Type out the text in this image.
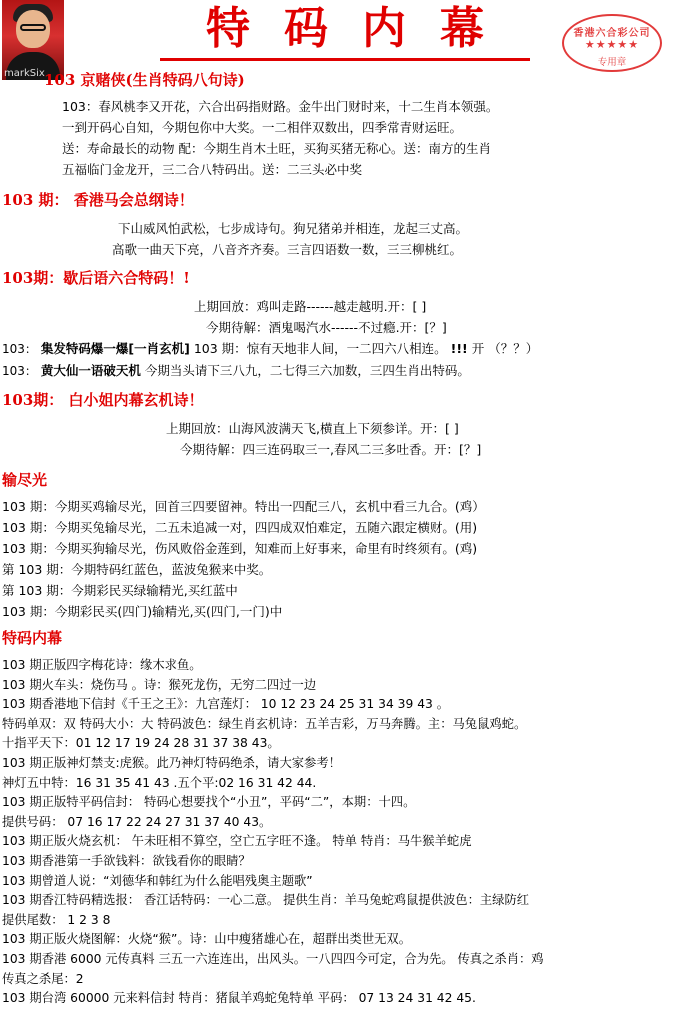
markSix
特码内幕	香港六合彩公司
★★★★★
专用章
103 京赌侠(生肖特码八句诗)
103：春风桃李又开花，六合出码指财路。金牛出门财时来，十二生肖本领强。
一到开码心自知，今期包你中大奖。一二相伴双数出，四季常青财运旺。
送：寿命最长的动物 配：今期生肖木土旺，买狗买猪无称心。送：南方的生肖
五福临门金龙开，三二合八特码出。送：二三头必中奖
103 期： 香港马会总纲诗！
下山威风怕武松，七步成诗句。狗兄猪弟并相连，龙起三丈高。
高歌一曲天下亮，八音齐齐奏。三言四语数一数，三三柳桃红。
103期：歇后语六合特码！!
上期回放：鸡叫走路------越走越明.开：[ ]
今期待解：酒鬼喝汽水------不过瘾.开：[？]
103： 集发特码爆一爆[一肖玄机] 103 期：惊有天地非人间，一二四六八相连。 !!! 开 （？？）
103： 黄大仙一语破天机 今期当头请下三八九，二七得三六加数，三四生肖出特码。
103期： 白小姐内幕玄机诗！
上期回放：山海风波满天飞,横直上下须参详。开：[ ]
今期待解：四三连码取三一,春风二三多吐香。开：[？]
输尽光
103 期：今期买鸡输尽光，回首三四要留神。特出一四配三八，玄机中看三九合。(鸡）
103 期：今期买兔输尽光，二五未追减一对，四四成双怕难定，五随六跟定横财。(用)
103 期：今期买狗输尽光，伤风败俗金莲到，知难而上好事来，命里有时终须有。(鸡)
第 103 期：今期特码红蓝色，蓝波兔猴来中奖。
第 103 期：今期彩民买绿输精光,买红蓝中
103 期：今期彩民买(四门)输精光,买(四门,一门)中
特码内幕
103 期正版四字梅花诗：缘木求鱼。
103 期火车头：烧伤马 。诗：猴死龙伤，无穷二四过一边
103 期香港地下信封《千王之王》：九宫莲灯： 10 12 23 24 25 31 34 39 43 。
特码单双：双 特码大小：大 特码波色：绿生肖玄机诗：五羊吉彩，万马奔腾。主：马兔鼠鸡蛇。
十指平天下：01 12 17 19 24 28 31 37 38 43。
103 期正版神灯禁支:虎猴。此乃神灯特码绝杀，请大家参考！
神灯五中特：16 31 35 41 43 .五个平:02 16 31 42 44.
103 期正版特平码信封： 特码心想要找个“小丑”，平码“二”，本期：十四。
提供号码： 07 16 17 22 24 27 31 37 40 43。
103 期正版火烧玄机： 午未旺相不算空，空亡五字旺不逢。 特单 特肖：马牛猴羊蛇虎
103 期香港第一手欲钱料：欲钱看你的眼睛？
103 期曾道人说：“刘德华和韩红为什么能唱残奥主题歌”
103 期香江特码精选报： 香江话特码：一心二意。 提供生肖：羊马兔蛇鸡鼠提供波色：主绿防红
提供尾数： 1 2 3 8
103 期正版火烧图解：火烧“猴”。诗：山中瘦猪雄心在，超群出类世无双。
103 期香港 6000 元传真料 三五一六连连出，出风头。一八四四今可定，合为先。 传真之杀肖：鸡
传真之杀尾：2
103 期台湾 60000 元来料信封 特肖：猪鼠羊鸡蛇兔特单 平码： 07 13 24 31 42 45.
